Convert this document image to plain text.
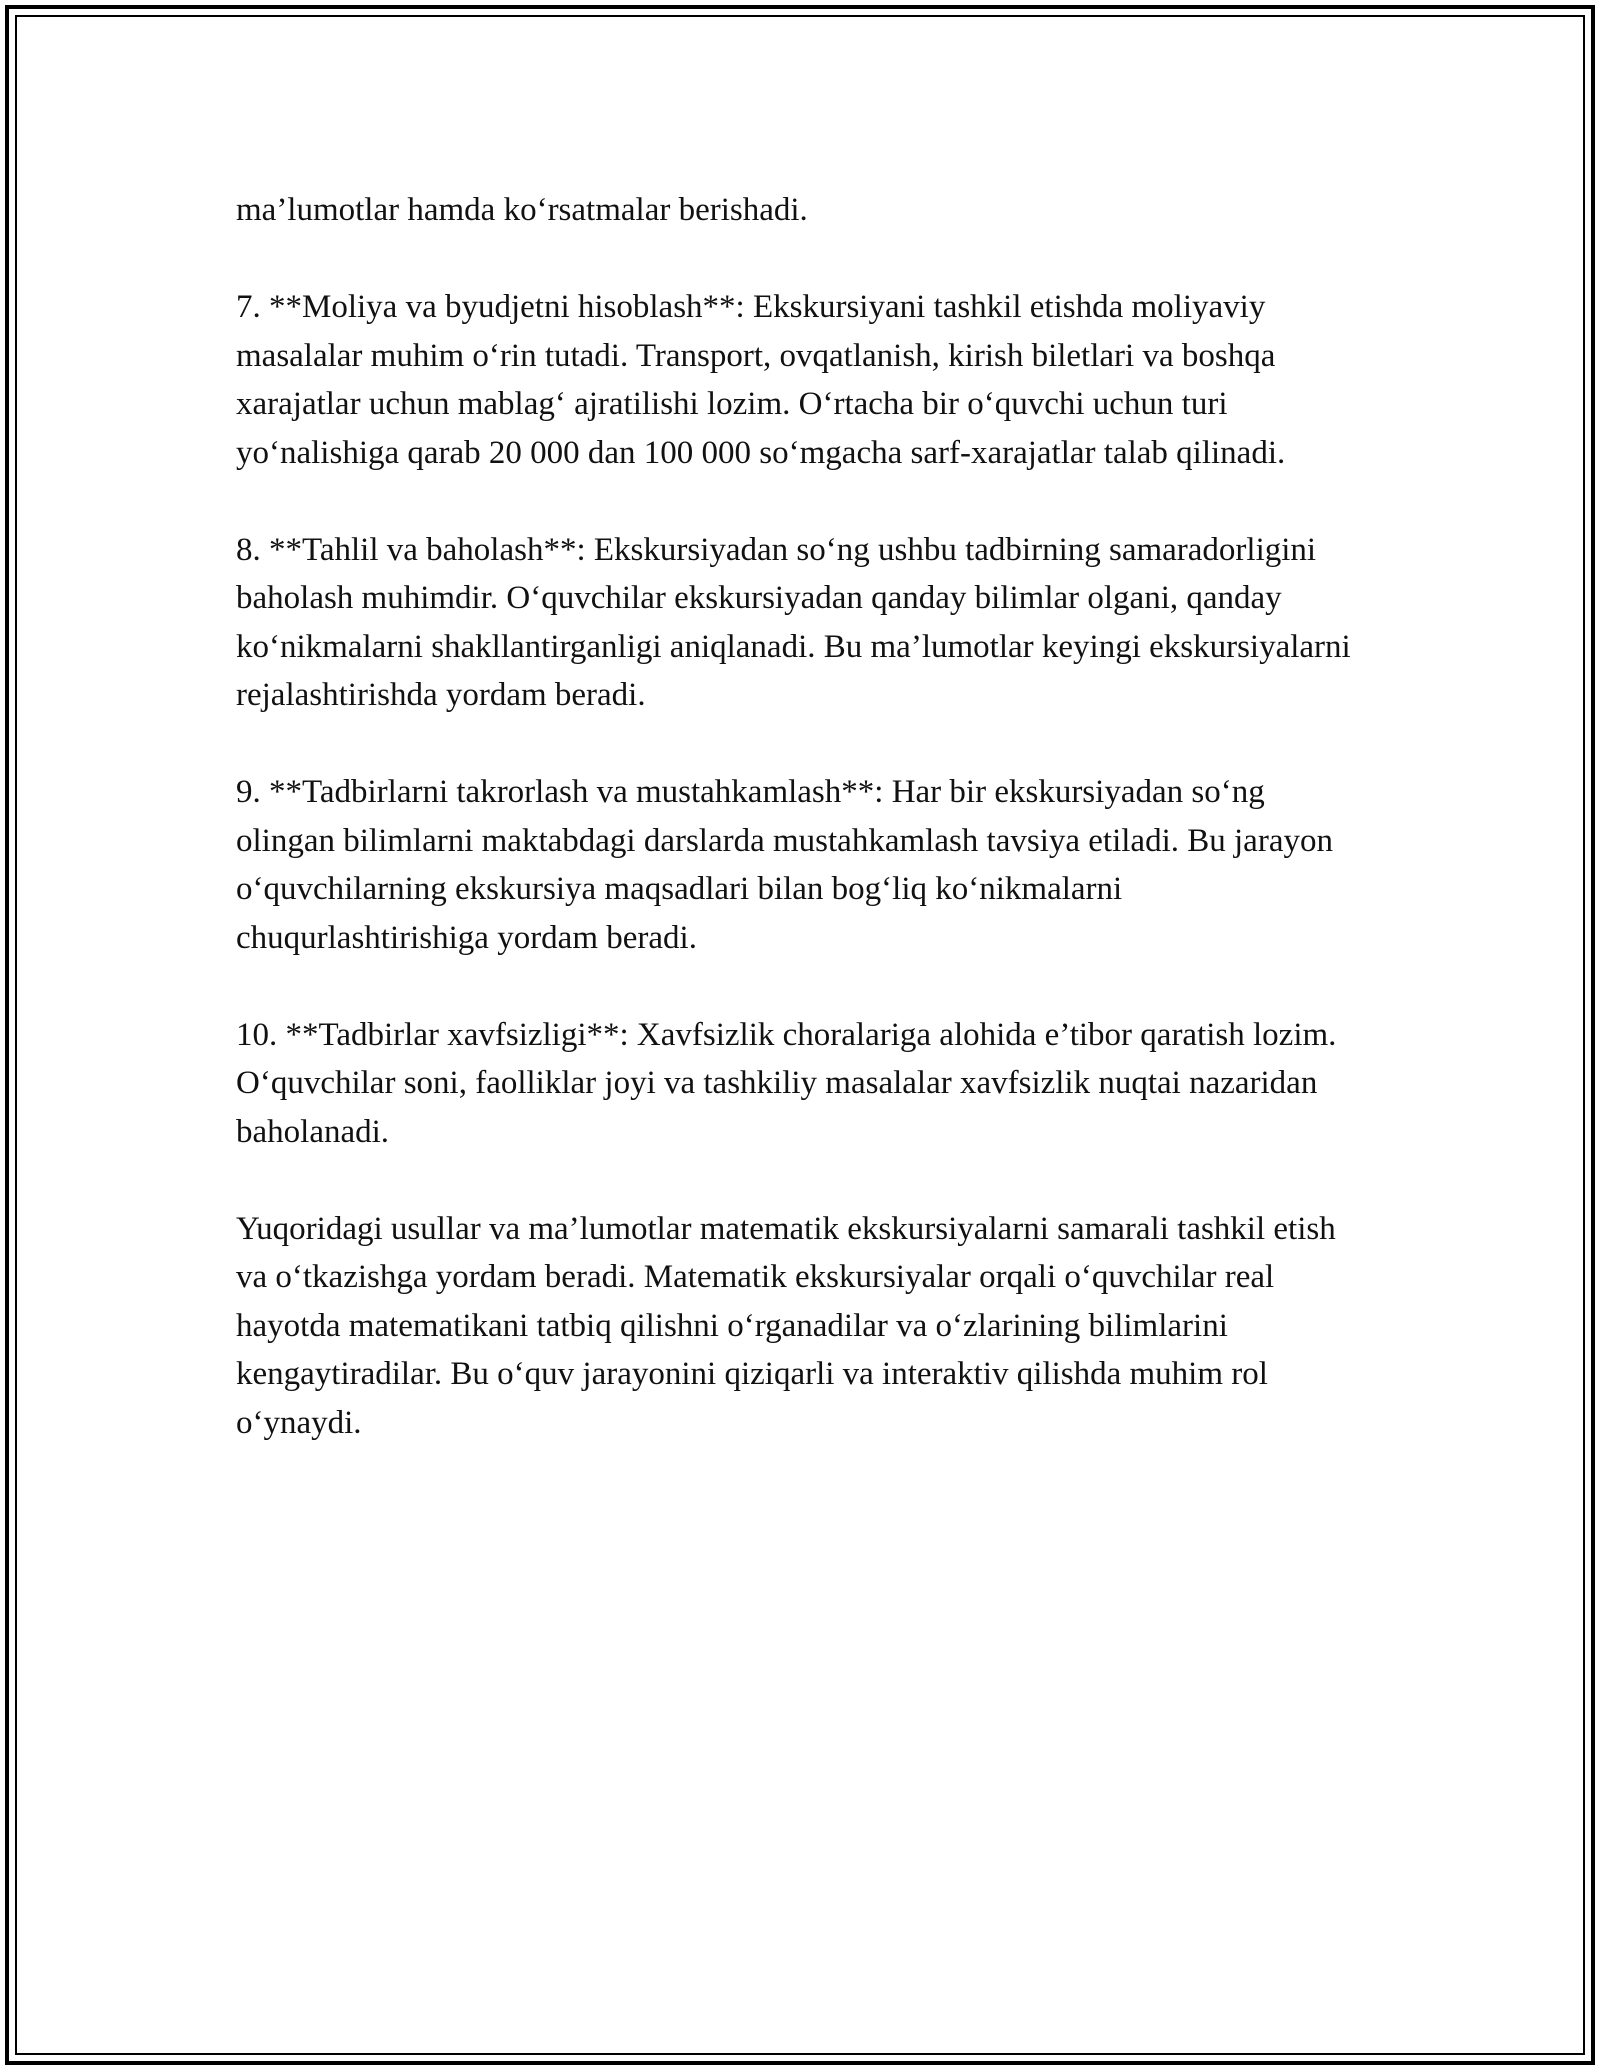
ma’lumotlar hamda ko‘rsatmalar berishadi.

7. **Moliya va byudjetni hisoblash**: Ekskursiyani tashkil etishda moliyaviy masalalar muhim o‘rin tutadi. Transport, ovqatlanish, kirish biletlari va boshqa xarajatlar uchun mablag‘ ajratilishi lozim. O‘rtacha bir o‘quvchi uchun turi yo‘nalishiga qarab 20 000 dan 100 000 so‘mgacha sarf-xarajatlar talab qilinadi.

8. **Tahlil va baholash**: Ekskursiyadan so‘ng ushbu tadbirning samaradorligini baholash muhimdir. O‘quvchilar ekskursiyadan qanday bilimlar olgani, qanday ko‘nikmalarni shakllantirganligi aniqlanadi. Bu ma’lumotlar keyingi ekskursiyalarni rejalashtirishda yordam beradi.

9. **Tadbirlarni takrorlash va mustahkamlash**: Har bir ekskursiyadan so‘ng olingan bilimlarni maktabdagi darslarda mustahkamlash tavsiya etiladi. Bu jarayon o‘quvchilarning ekskursiya maqsadlari bilan bog‘liq ko‘nikmalarni chuqurlashtirishiga yordam beradi.

10. **Tadbirlar xavfsizligi**: Xavfsizlik choralariga alohida e’tibor qaratish lozim. O‘quvchilar soni, faolliklar joyi va tashkiliy masalalar xavfsizlik nuqtai nazaridan baholanadi.

Yuqoridagi usullar va ma’lumotlar matematik ekskursiyalarni samarali tashkil etish va o‘tkazishga yordam beradi. Matematik ekskursiyalar orqali o‘quvchilar real hayotda matematikani tatbiq qilishni o‘rganadilar va o‘zlarining bilimlarini kengaytiradilar. Bu o‘quv jarayonini qiziqarli va interaktiv qilishda muhim rol o‘ynaydi.
